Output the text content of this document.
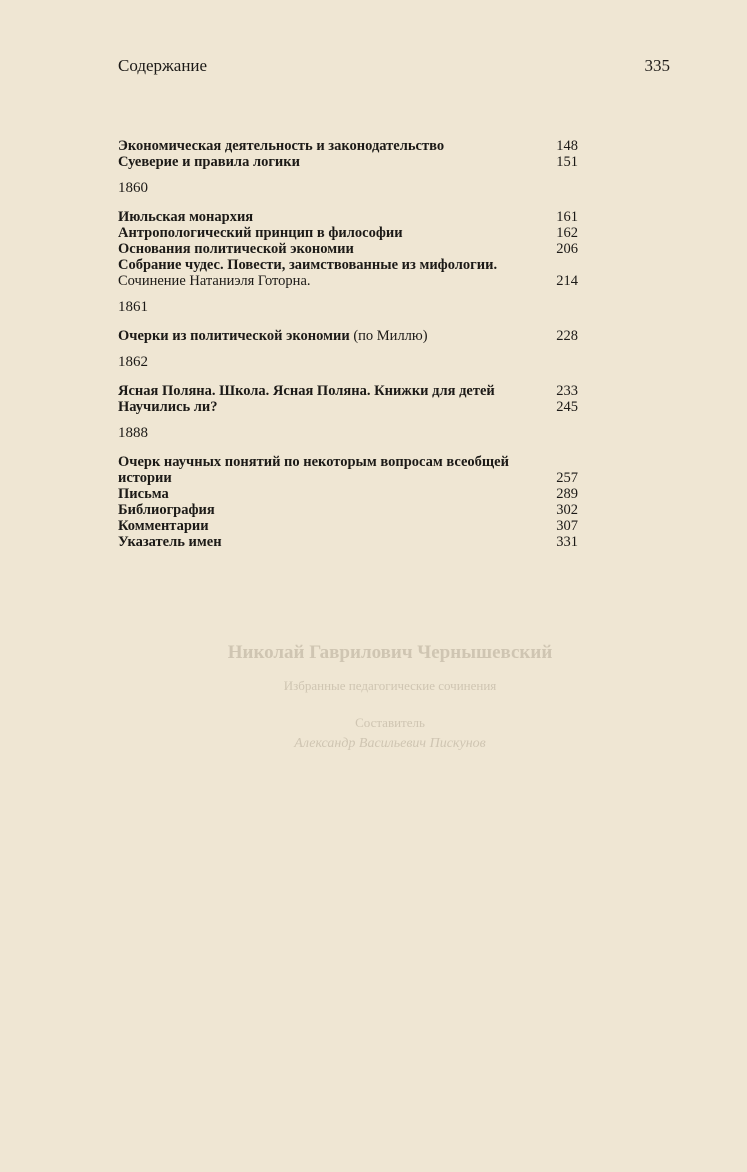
Содержание	335
Экономическая деятельность и законодательство	148
Суеверие и правила логики	151
1860
Июльская монархия	161
Антропологический принцип в философии	162
Основания политической экономии	206
Собрание чудес. Повести, заимствованные из мифологии. Сочинение Натаниэля Готорна.	214
1861
Очерки из политической экономии (по Миллю)	228
1862
Ясная Поляна. Школа. Ясная Поляна. Книжки для детей	233
Научились ли?	245
1888
Очерк научных понятий по некоторым вопросам всеобщей истории	257
Письма	289
Библиография	302
Комментарии	307
Указатель имен	331
Николай Гаврилович Чернышевский
Избранные педагогические сочинения
Составитель
Александр Васильевич Пискунов
